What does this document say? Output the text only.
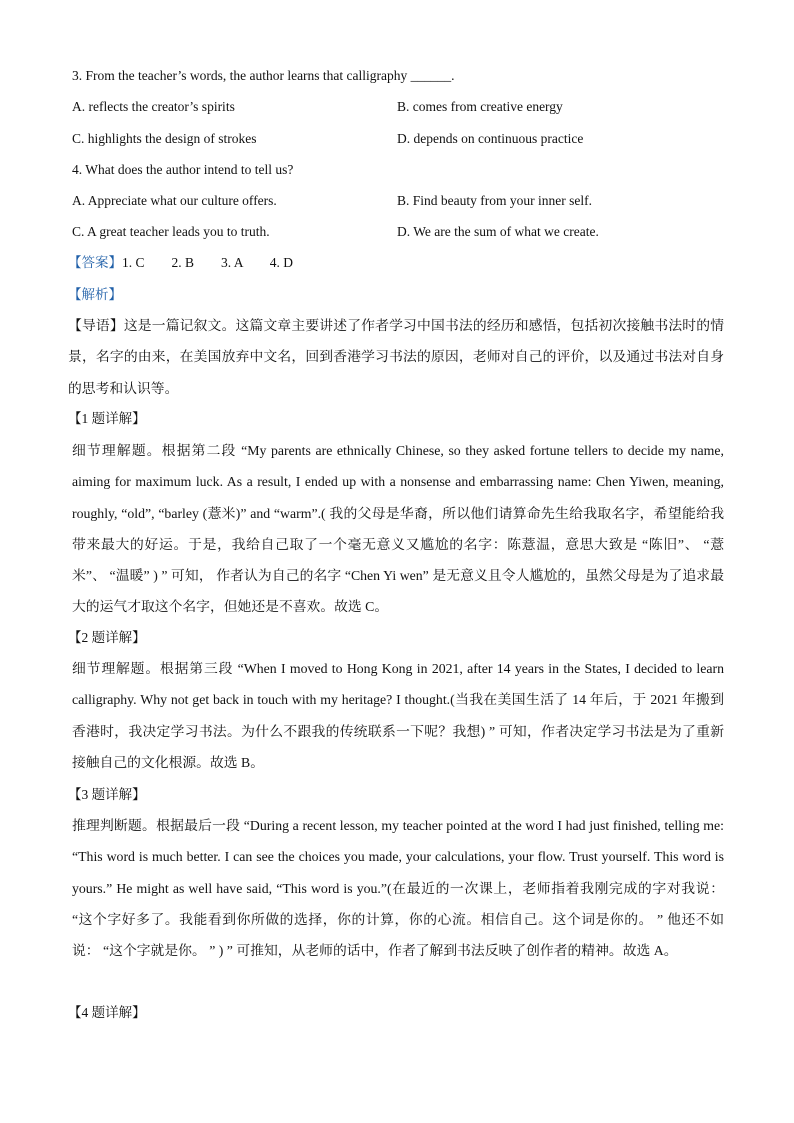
3. From the teacher’s words, the author learns that calligraphy ______.
A. reflects the creator’s spirits	B. comes from creative energy
C. highlights the design of strokes	D. depends on continuous practice
4. What does the author intend to tell us?
A. Appreciate what our culture offers.	B. Find beauty from your inner self.
C. A great teacher leads you to truth.	D. We are the sum of what we create.
【答案】1. C        2. B        3. A        4. D
【解析】
【导语】这是一篇记叙文。这篇文章主要讲述了作者学习中国书法的经历和感悟，包括初次接触书法时的情景，名字的由来，在美国放弃中文名，回到香港学习书法的原因，老师对自己的评价，以及通过书法对自身的思考和认识等。
【1 题详解】
细节理解题。根据第二段 “My parents are ethnically Chinese, so they asked fortune tellers to decide my name, aiming for maximum luck. As a result, I ended up with a nonsense and embarrassing name: Chen Yiwen, meaning, roughly, “old”, “barley (薏米)” and “warm”.( 我的父母是华裔，所以他们请算命先生给我取名字，希望能给我带来最大的好运。于是，我给自己取了一个毫无意义又尴尬的名字：陈薏温，意思大致是 “陈旧”、 “薏米”、 “温暖” ) ” 可知， 作者认为自己的名字 “Chen Yi wen” 是无意义且令人尴尬的，虽然父母是为了追求最大的运气才取这个名字，但她还是不喜欢。故选 C。
【2 题详解】
细节理解题。根据第三段 “When I moved to Hong Kong in 2021, after 14 years in the States, I decided to learn calligraphy. Why not get back in touch with my heritage? I thought.(当我在美国生活了 14 年后，于 2021 年搬到香港时，我决定学习书法。为什么不跟我的传统联系一下呢？我想) ” 可知，作者决定学习书法是为了重新接触自己的文化根源。故选 B。
【3 题详解】
推理判断题。根据最后一段 “During a recent lesson, my teacher pointed at the word I had just finished, telling me: “This word is much better. I can see the choices you made, your calculations, your flow. Trust yourself. This word is yours.” He might as well have said, “This word is you.”(在最近的一次课上，老师指着我刚完成的字对我说： “这个字好多了。我能看到你所做的选择，你的计算，你的心流。相信自己。这个词是你的。 ” 他还不如说： “这个字就是你。 ” ) ” 可推知，从老师的话中，作者了解到书法反映了创作者的精神。故选 A。
【4 题详解】
